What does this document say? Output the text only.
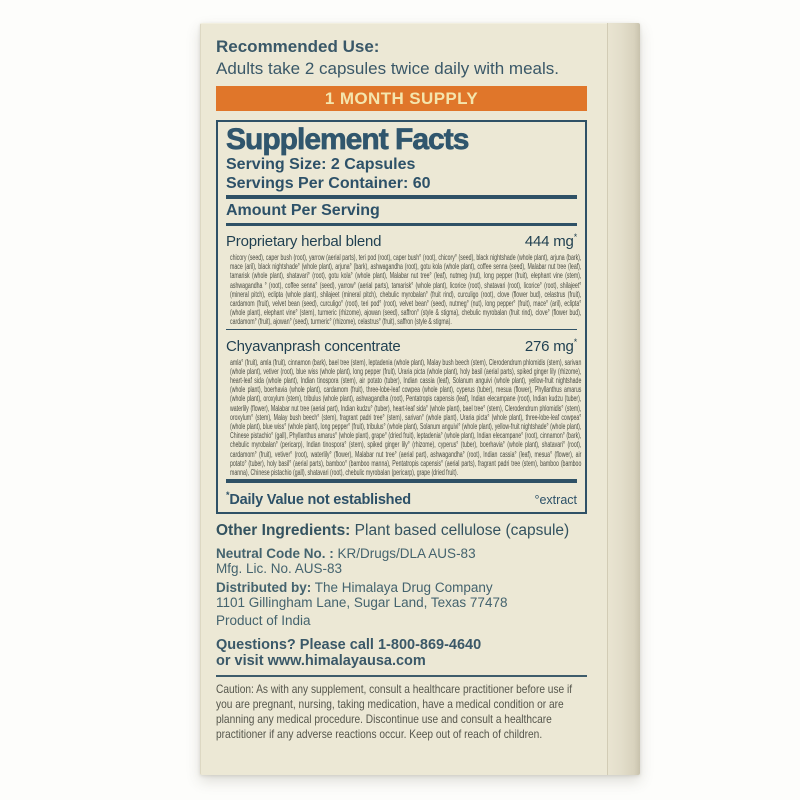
Recommended Use:
Adults take 2 capsules twice daily with meals.
1 MONTH SUPPLY
Supplement Facts
Serving Size: 2 Capsules
Servings Per Container: 60
Amount Per Serving
Proprietary herbal blend	444 mg*
chicory (seed), caper bush (root), yarrow (aerial parts), teri pod (root), caper bush° (root), chicory° (seed), black nightshade (whole plant), arjuna (bark), mace (aril), black nightshade° (whole plant), arjuna° (bark), ashwagandha (root), gotu kola (whole plant), coffee senna (seed), Malabar nut tree (leaf), tamarisk (whole plant), shatavari° (root), gotu kola° (whole plant), Malabar nut tree° (leaf), nutmeg (nut), long pepper (fruit), elephant vine (stem), ashwagandha ° (root), coffee senna° (seed), yarrow° (aerial parts), tamarisk° (whole plant), licorice (root), shatavari (root), licorice° (root), shilajeet° (mineral pitch), eclipta (whole plant), shilajeet (mineral pitch), chebulic myrobalan° (fruit rind), curculigo (root), clove (flower bud), celastrus (fruit), cardamom (fruit), velvet bean (seed), curculigo° (root), teri pod° (root), velvet bean° (seed), nutmeg° (nut), long pepper° (fruit), mace° (aril), eclipta° (whole plant), elephant vine° (stem), turmeric (rhizome), ajowan (seed), saffron° (style & stigma), chebulic myrobalan (fruit rind), clove° (flower bud), cardamom° (fruit), ajowan° (seed), turmeric° (rhizome), celastrus° (fruit), saffron (style & stigma).
Chyavanprash concentrate	276 mg*
amla° (fruit), amla (fruit), cinnamon (bark), bael tree (stem), leptadenia (whole plant), Malay bush beech (stem), Clerodendrum phlomidis (stem), sarivan (whole plant), vetiver (root), blue wiss (whole plant), long pepper (fruit), Uraria picta (whole plant), holy basil (aerial parts), spiked ginger lily (rhizome), heart-leaf sida (whole plant), Indian tinospora (stem), air potato (tuber), Indian cassia (leaf), Solanum anguivi (whole plant), yellow-fruit nightshade (whole plant), boerhavia (whole plant), cardamom (fruit), three-lobe-leaf cowpea (whole plant), cyperus (tuber), mesua (flower), Phyllanthus amarus (whole plant), oroxylum (stem), tribulus (whole plant), ashwagandha (root), Pentatropis capensis (leaf), Indian elecampane (root), Indian kudzu (tuber), waterlily (flower), Malabar nut tree (aerial part), Indian kudzu° (tuber), heart-leaf sida° (whole plant), bael tree° (stem), Clerodendrum phlomidis° (stem), oroxylum° (stem), Malay bush beech° (stem), fragrant padri tree° (stem), sarivan° (whole plant), Uraria picta° (whole plant), three-lobe-leaf cowpea° (whole plant), blue wiss° (whole plant), long pepper° (fruit), tribulus° (whole plant), Solanum anguivi° (whole plant), yellow-fruit nightshade° (whole plant), Chinese pistachio° (gall), Phyllanthus amarus° (whole plant), grape° (dried fruit), leptadenia° (whole plant), Indian elecampane° (root), cinnamon° (bark), chebulic myrobalan° (pericarp), Indian tinospora° (stem), spiked ginger lily° (rhizome), cyperus° (tuber), boerhavia° (whole plant), shatavari° (root), cardamom° (fruit), vetiver° (root), waterlily° (flower), Malabar nut tree° (aerial part), ashwagandha° (root), Indian cassia° (leaf), mesua° (flower), air potato° (tuber), holy basil° (aerial parts), bamboo° (bamboo manna), Pentatropis capensis° (aerial parts), fragrant padri tree (stem), bamboo (bamboo manna), Chinese pistachio (gall), shatavari (root), chebulic myrobalan (pericarp), grape (dried fruit).
*Daily Value not established	°extract
Other Ingredients: Plant based cellulose (capsule)
Neutral Code No. : KR/Drugs/DLA AUS-83
Mfg. Lic. No. AUS-83
Distributed by: The Himalaya Drug Company
1101 Gillingham Lane, Sugar Land, Texas 77478
Product of India
Questions? Please call 1-800-869-4640
or visit www.himalayausa.com
Caution: As with any supplement, consult a healthcare practitioner before use if you are pregnant, nursing, taking medication, have a medical condition or are planning any medical procedure. Discontinue use and consult a healthcare practitioner if any adverse reactions occur. Keep out of reach of children.
